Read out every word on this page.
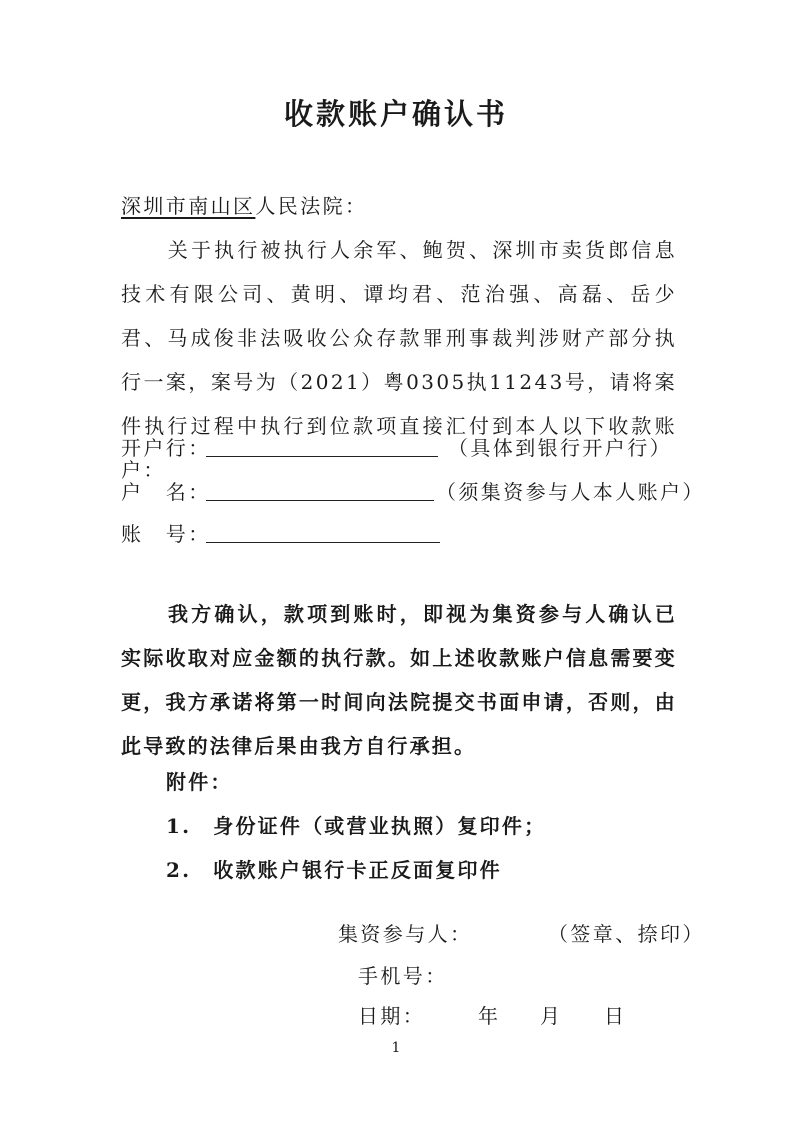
收款账户确认书
深圳市南山区人民法院：
关于执行被执行人余军、鲍贺、深圳市卖货郎信息技术有限公司、黄明、谭均君、范治强、高磊、岳少君、马成俊非法吸收公众存款罪刑事裁判涉财产部分执行一案，案号为（2021）粤0305执11243号，请将案件执行过程中执行到位款项直接汇付到本人以下收款账户：
开户行：	（具体到银行开户行）
户　名：	（须集资参与人本人账户）
账　号：
我方确认，款项到账时，即视为集资参与人确认已实际收取对应金额的执行款。如上述收款账户信息需要变更，我方承诺将第一时间向法院提交书面申请，否则，由此导致的法律后果由我方自行承担。
附件：
1. 身份证件（或营业执照）复印件；
2. 收款账户银行卡正反面复印件
集资参与人：	（签章、捺印）
手机号：
日期：	年 月 日
1
